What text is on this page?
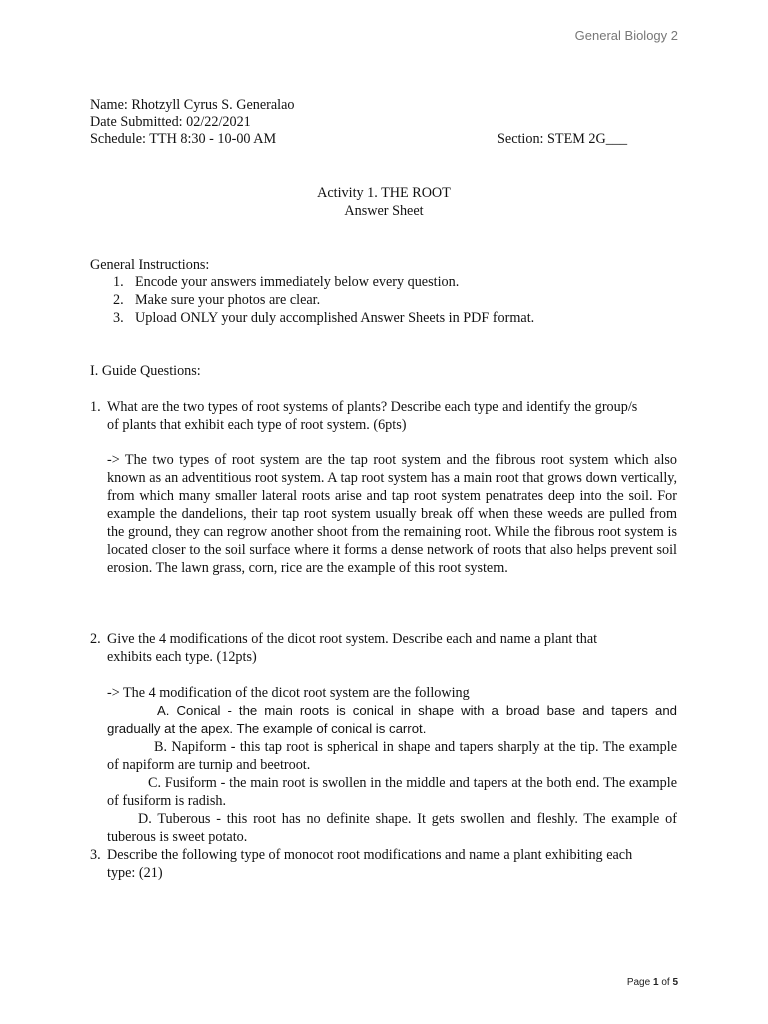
General Biology 2
Name: Rhotzyll Cyrus S. Generalao
Date Submitted: 02/22/2021
Schedule: TTH 8:30 - 10-00 AM	Section: STEM 2G___
Activity 1. THE ROOT
Answer Sheet
General Instructions:
1. Encode your answers immediately below every question.
2. Make sure your photos are clear.
3. Upload ONLY your duly accomplished Answer Sheets in PDF format.
I. Guide Questions:
1. What are the two types of root systems of plants? Describe each type and identify the group/s
of plants that exhibit each type of root system. (6pts)
-> The two types of root system are the tap root system and the fibrous root system which also known as an adventitious root system. A tap root system has a main root that grows down vertically, from which many smaller lateral roots arise and tap root system penatrates deep into the soil. For example the dandelions, their tap root system usually break off when these weeds are pulled from the ground, they can regrow another shoot from the remaining root. While the fibrous root system is located closer to the soil surface where it forms a dense network of roots that also helps prevent soil erosion. The lawn grass, corn, rice are the example of this root system.
2. Give the 4 modifications of the dicot root system. Describe each and name a plant that
exhibits each type. (12pts)
-> The 4 modification of the dicot root system are the following
A. Conical - the main roots is conical in shape with a broad base and tapers and gradually at the apex. The example of conical is carrot.
B. Napiform - this tap root is spherical in shape and tapers sharply at the tip. The example of napiform are turnip and beetroot.
C. Fusiform - the main root is swollen in the middle and tapers at the both end. The example of fusiform is radish.
D. Tuberous - this root has no definite shape. It gets swollen and fleshly. The example of tuberous is sweet potato.
3. Describe the following type of monocot root modifications and name a plant exhibiting each
type: (21)
Page 1 of 5
